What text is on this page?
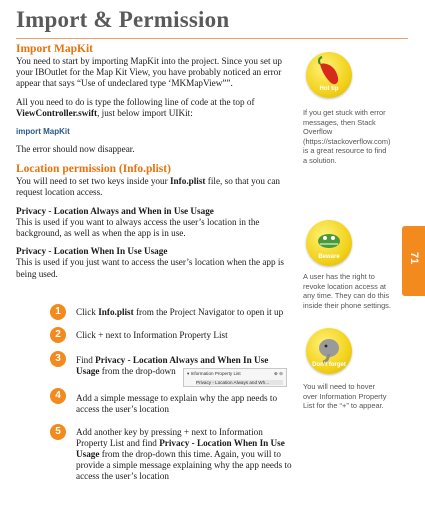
Import & Permission

Import MapKit

You need to start by importing MapKit into the project. Since you set up your IBOutlet for the Map Kit View, you have probably noticed an error appear that says “Use of undeclared type ‘MKMapView””.

All you need to do is type the following line of code at the top of ViewController.swift, just below import UIKit:

import MapKit

The error should now disappear.

Location permission (Info.plist)

You will need to set two keys inside your Info.plist file, so that you can request location access.

Privacy - Location Always and When in Use Usage

This is used if you want to always access the user’s location in the background, as well as when the app is in use.

Privacy - Location When In Use Usage

This is used if you just want to access the user’s location when the app is being used.

1	Click Info.plist from the Project Navigator to open it up

2	Click + next to Information Property List

3	Find Privacy - Location Always and When In Use Usage from the drop-down	▾ Information Property List	⊕ ⊖
Privacy - Location Always and Wh...
4	Add a simple message to explain why the app needs to access the user’s location

5	Add another key by pressing + next to Information Property List and find Privacy - Location When In Use Usage from the drop-down this time. Again, you will to provide a simple message explaining why the app needs to access the user’s location

Hot tip

If you get stuck with error messages, then Stack Overflow (https://stackoverflow.com) is a great resource to find a solution.

Beware

A user has the right to revoke location access at any time. They can do this inside their phone settings.

Don't forget

You will need to hover over Information Property List for the “+” to appear.

71
